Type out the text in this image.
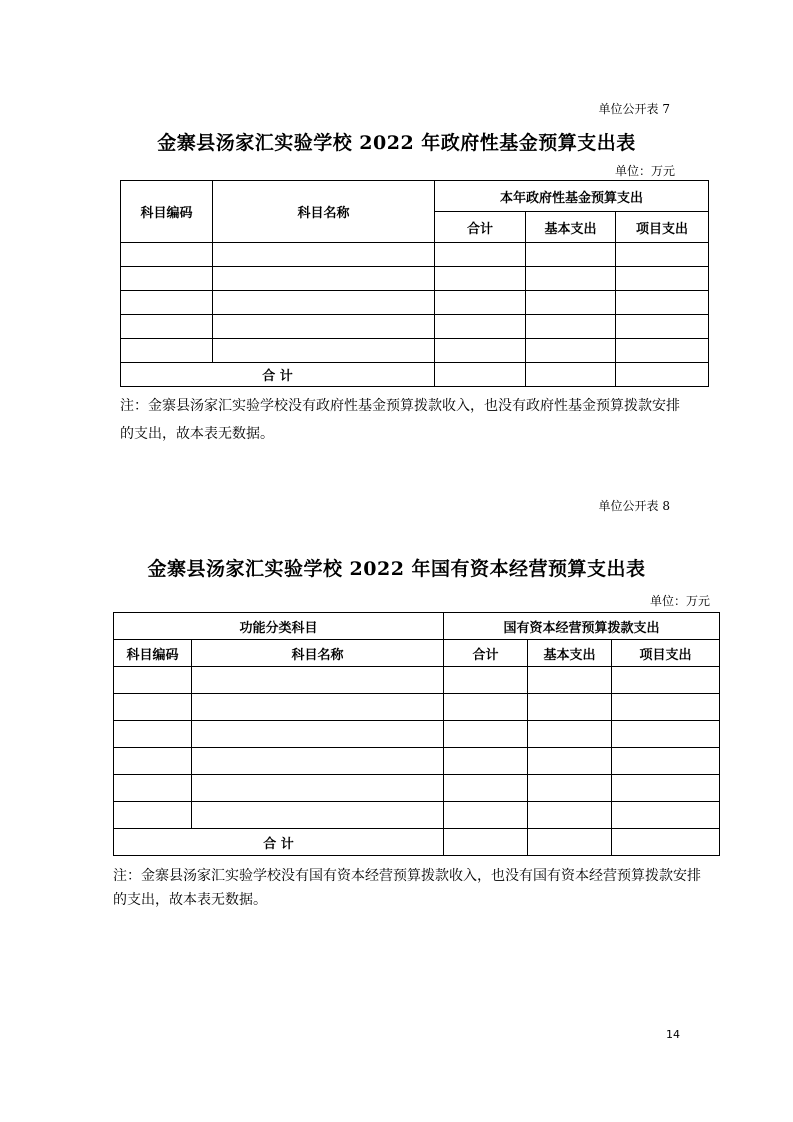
单位公开表 7
金寨县汤家汇实验学校 2022 年政府性基金预算支出表
单位：万元
科目编码	科目名称	本年政府性基金预算支出		
		合计	基本支出	项目支出

合 计				
注：金寨县汤家汇实验学校没有政府性基金预算拨款收入，也没有政府性基金预算拨款安排的支出，故本表无数据。
单位公开表 8
金寨县汤家汇实验学校 2022 年国有资本经营预算支出表
单位：万元
功能分类科目		国有资本经营预算拨款支出		
科目编码	科目名称	合计	基本支出	项目支出

合 计				
注：金寨县汤家汇实验学校没有国有资本经营预算拨款收入，也没有国有资本经营预算拨款安排的支出，故本表无数据。
14
